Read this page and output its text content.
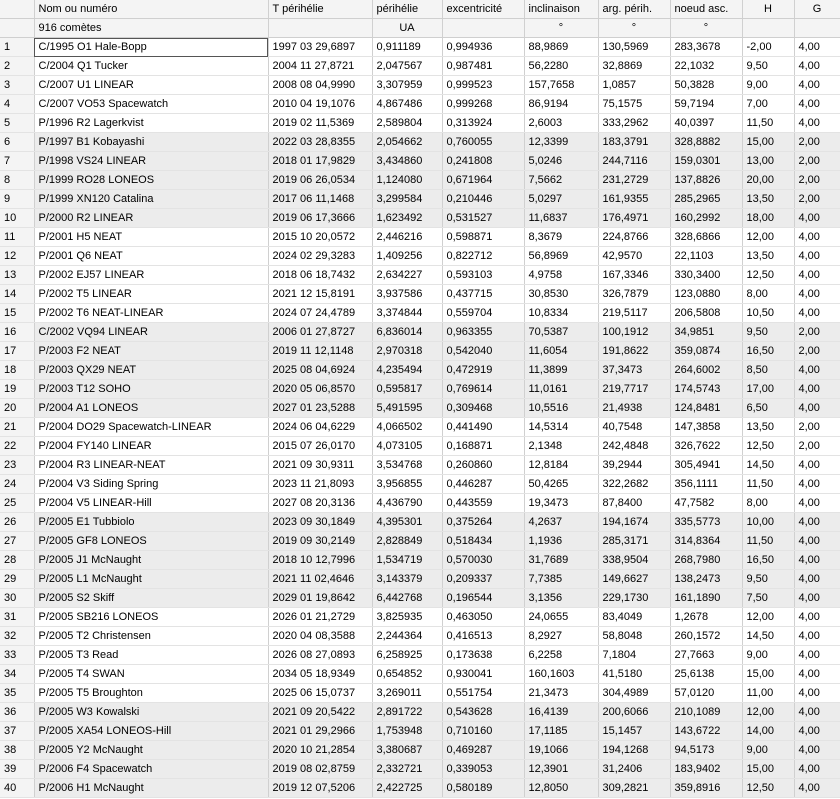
	Nom ou numéro	T périhélie	périhélie	excentricité	inclinaison	arg. périh.	noeud asc.	H	G
	916 comètes		UA		°	°	°		
1	C/1995 O1 Hale-Bopp	1997 03 29,6897	0,911189	0,994936	88,9869	130,5969	283,3678	-2,00	4,00
2	C/2004 Q1 Tucker	2004 11 27,8721	2,047567	0,987481	56,2280	32,8869	22,1032	9,50	4,00
3	C/2007 U1 LINEAR	2008 08 04,9990	3,307959	0,999523	157,7658	1,0857	50,3828	9,00	4,00
4	C/2007 VO53 Spacewatch	2010 04 19,1076	4,867486	0,999268	86,9194	75,1575	59,7194	7,00	4,00
5	P/1996 R2 Lagerkvist	2019 02 11,5369	2,589804	0,313924	2,6003	333,2962	40,0397	11,50	4,00
6	P/1997 B1 Kobayashi	2022 03 28,8355	2,054662	0,760055	12,3399	183,3791	328,8882	15,00	2,00
7	P/1998 VS24 LINEAR	2018 01 17,9829	3,434860	0,241808	5,0246	244,7116	159,0301	13,00	2,00
8	P/1999 RO28 LONEOS	2019 06 26,0534	1,124080	0,671964	7,5662	231,2729	137,8826	20,00	2,00
9	P/1999 XN120 Catalina	2017 06 11,1468	3,299584	0,210446	5,0297	161,9355	285,2965	13,50	2,00
10	P/2000 R2 LINEAR	2019 06 17,3666	1,623492	0,531527	11,6837	176,4971	160,2992	18,00	4,00
11	P/2001 H5 NEAT	2015 10 20,0572	2,446216	0,598871	8,3679	224,8766	328,6866	12,00	4,00
12	P/2001 Q6 NEAT	2024 02 29,3283	1,409256	0,822712	56,8969	42,9570	22,1103	13,50	4,00
13	P/2002 EJ57 LINEAR	2018 06 18,7432	2,634227	0,593103	4,9758	167,3346	330,3400	12,50	4,00
14	P/2002 T5 LINEAR	2021 12 15,8191	3,937586	0,437715	30,8530	326,7879	123,0880	8,00	4,00
15	P/2002 T6 NEAT-LINEAR	2024 07 24,4789	3,374844	0,559704	10,8334	219,5117	206,5808	10,50	4,00
16	C/2002 VQ94 LINEAR	2006 01 27,8727	6,836014	0,963355	70,5387	100,1912	34,9851	9,50	2,00
17	P/2003 F2 NEAT	2019 11 12,1148	2,970318	0,542040	11,6054	191,8622	359,0874	16,50	2,00
18	P/2003 QX29 NEAT	2025 08 04,6924	4,235494	0,472919	11,3899	37,3473	264,6002	8,50	4,00
19	P/2003 T12 SOHO	2020 05 06,8570	0,595817	0,769614	11,0161	219,7717	174,5743	17,00	4,00
20	P/2004 A1 LONEOS	2027 01 23,5288	5,491595	0,309468	10,5516	21,4938	124,8481	6,50	4,00
21	P/2004 DO29 Spacewatch-LINEAR	2024 06 04,6229	4,066502	0,441490	14,5314	40,7548	147,3858	13,50	2,00
22	P/2004 FY140 LINEAR	2015 07 26,0170	4,073105	0,168871	2,1348	242,4848	326,7622	12,50	2,00
23	P/2004 R3 LINEAR-NEAT	2021 09 30,9311	3,534768	0,260860	12,8184	39,2944	305,4941	14,50	4,00
24	P/2004 V3 Siding Spring	2023 11 21,8093	3,956855	0,446287	50,4265	322,2682	356,1111	11,50	4,00
25	P/2004 V5 LINEAR-Hill	2027 08 20,3136	4,436790	0,443559	19,3473	87,8400	47,7582	8,00	4,00
26	P/2005 E1 Tubbiolo	2023 09 30,1849	4,395301	0,375264	4,2637	194,1674	335,5773	10,00	4,00
27	P/2005 GF8 LONEOS	2019 09 30,2149	2,828849	0,518434	1,1936	285,3171	314,8364	11,50	4,00
28	P/2005 J1 McNaught	2018 10 12,7996	1,534719	0,570030	31,7689	338,9504	268,7980	16,50	4,00
29	P/2005 L1 McNaught	2021 11 02,4646	3,143379	0,209337	7,7385	149,6627	138,2473	9,50	4,00
30	P/2005 S2 Skiff	2029 01 19,8642	6,442768	0,196544	3,1356	229,1730	161,1890	7,50	4,00
31	P/2005 SB216 LONEOS	2026 01 21,2729	3,825935	0,463050	24,0655	83,4049	1,2678	12,00	4,00
32	P/2005 T2 Christensen	2020 04 08,3588	2,244364	0,416513	8,2927	58,8048	260,1572	14,50	4,00
33	P/2005 T3 Read	2026 08 27,0893	6,258925	0,173638	6,2258	7,1804	27,7663	9,00	4,00
34	P/2005 T4 SWAN	2034 05 18,9349	0,654852	0,930041	160,1603	41,5180	25,6138	15,00	4,00
35	P/2005 T5 Broughton	2025 06 15,0737	3,269011	0,551754	21,3473	304,4989	57,0120	11,00	4,00
36	P/2005 W3 Kowalski	2021 09 20,5422	2,891722	0,543628	16,4139	200,6066	210,1089	12,00	4,00
37	P/2005 XA54 LONEOS-Hill	2021 01 29,2966	1,753948	0,710160	17,1185	15,1457	143,6722	14,00	4,00
38	P/2005 Y2 McNaught	2020 10 21,2854	3,380687	0,469287	19,1066	194,1268	94,5173	9,00	4,00
39	P/2006 F4 Spacewatch	2019 08 02,8759	2,332721	0,339053	12,3901	31,2406	183,9402	15,00	4,00
40	P/2006 H1 McNaught	2019 12 07,5206	2,422725	0,580189	12,8050	309,2821	359,8916	12,50	4,00
